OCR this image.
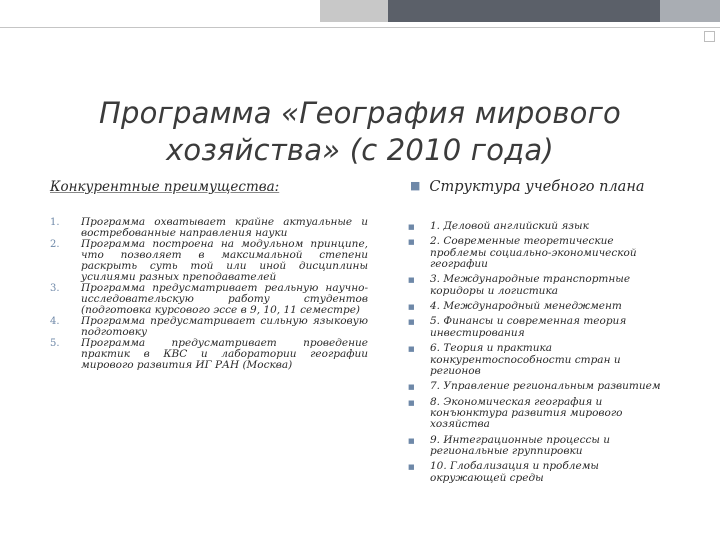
Программа «География мирового
хозяйства» (с 2010 года)
Конкурентные преимущества:	■ Структура учебного плана
1. Программа охватывает крайне актуальные и востребованные направления науки
2. Программа построена на модульном принципе, что позволяет в максимальной степени раскрыть суть той или иной дисциплины усилиями разных преподавателей
3. Программа предусматривает реальную научно-исследовательскую работу студентов (подготовка курсового эссе в 9, 10, 11 семестре)
4. Программа предусматривает сильную языковую подготовку
5. Программа предусматривает проведение практик в КВС и лаборатории географии мирового развития ИГ РАН (Москва)
■ 1. Деловой английский язык
■ 2. Современные теоретические проблемы социально-экономической географии
■ 3. Международные транспортные коридоры и логистика
■ 4. Международный менеджмент
■ 5. Финансы и современная теория инвестирования
■ 6. Теория и практика конкурентоспособности стран и регионов
■ 7. Управление региональным развитием
■ 8. Экономическая география и конъюнктура развития мирового хозяйства
■ 9. Интеграционные процессы и региональные группировки
■ 10. Глобализация и проблемы окружающей среды
